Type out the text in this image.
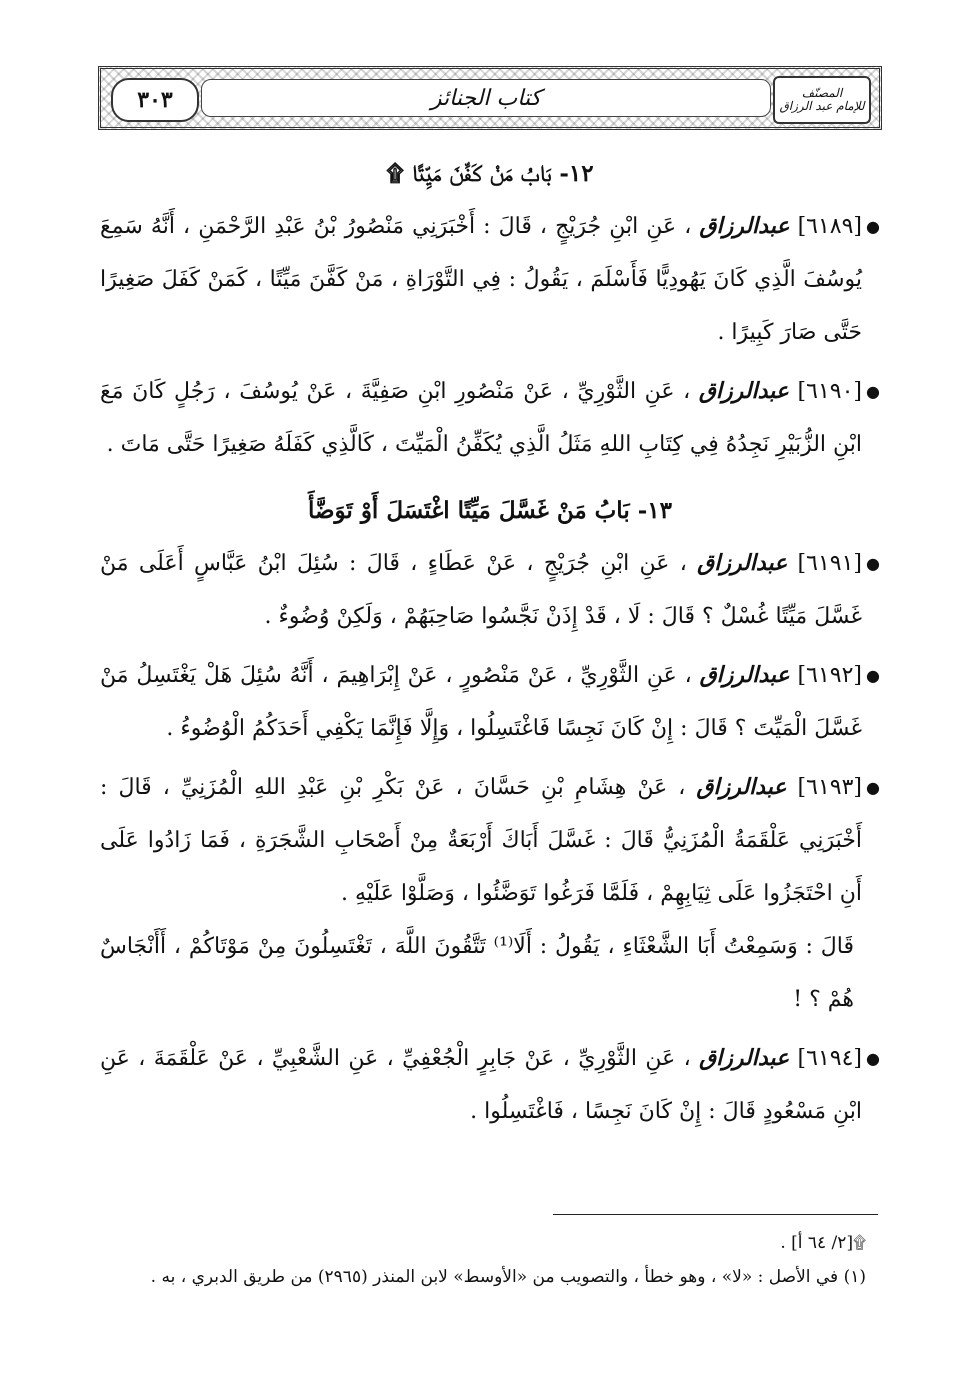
٣٠٣	كتاب الجنائز	المصنّف
للإمام عبد الرزاق

١٢- بَابُ مَنْ كَفَّنَ مَيِّتًا ۩

●
[٦١٨٩] عبدالرزاق ، عَنِ ابْنِ جُرَيْجٍ ، قَالَ : أَخْبَرَنِي مَنْصُورُ بْنُ عَبْدِ الرَّحْمَنِ ، أَنَّهُ سَمِعَ يُوسُفَ الَّذِي كَانَ يَهُودِيًّا فَأَسْلَمَ ، يَقُولُ : فِي التَّوْرَاةِ ، مَنْ كَفَّنَ مَيِّتًا ، كَمَنْ كَفَلَ صَغِيرًا حَتَّى صَارَ كَبِيرًا .

●
[٦١٩٠] عبدالرزاق ، عَنِ الثَّوْرِيِّ ، عَنْ مَنْصُورِ ابْنِ صَفِيَّةَ ، عَنْ يُوسُفَ ، رَجُلٍ كَانَ مَعَ ابْنِ الزُّبَيْرِ نَجِدُهُ فِي كِتَابِ اللهِ مَثَلُ الَّذِي يُكَفِّنُ الْمَيِّتَ ، كَالَّذِي كَفَلَهُ صَغِيرًا حَتَّى مَاتَ .

١٣- بَابُ مَنْ غَسَّلَ مَيِّتًا اغْتَسَلَ أَوْ تَوَضَّأَ

●
[٦١٩١] عبدالرزاق ، عَنِ ابْنِ جُرَيْجٍ ، عَنْ عَطَاءٍ ، قَالَ : سُئِلَ ابْنُ عَبَّاسٍ أَعَلَى مَنْ غَسَّلَ مَيِّتًا غُسْلٌ ؟ قَالَ : لَا ، قَدْ إِذَنْ نَجَّسُوا صَاحِبَهُمْ ، وَلَكِنْ وُضُوءٌ .

●
[٦١٩٢] عبدالرزاق ، عَنِ الثَّوْرِيِّ ، عَنْ مَنْصُورٍ ، عَنْ إِبْرَاهِيمَ ، أَنَّهُ سُئِلَ هَلْ يَغْتَسِلُ مَنْ غَسَّلَ الْمَيِّتَ ؟ قَالَ : إِنْ كَانَ نَجِسًا فَاغْتَسِلُوا ، وَإِلَّا فَإِنَّمَا يَكْفِي أَحَدَكُمُ الْوُضُوءُ .

●
[٦١٩٣] عبدالرزاق ، عَنْ هِشَامِ بْنِ حَسَّانَ ، عَنْ بَكْرِ بْنِ عَبْدِ اللهِ الْمُزَنِيِّ ، قَالَ : أَخْبَرَنِي عَلْقَمَةُ الْمُزَنِيُّ قَالَ : غَسَّلَ أَبَاكَ أَرْبَعَةٌ مِنْ أَصْحَابِ الشَّجَرَةِ ، فَمَا زَادُوا عَلَى أَنِ احْتَجَزُوا عَلَى ثِيَابِهِمْ ، فَلَمَّا فَرَغُوا تَوَضَّئُوا ، وَصَلَّوْا عَلَيْهِ .

قَالَ : وَسَمِعْتُ أَبَا الشَّعْثَاءِ ، يَقُولُ : أَلَا⁽¹⁾ تَتَّقُونَ اللَّهَ ، تَغْتَسِلُونَ مِنْ مَوْتَاكُمْ ، أَأَنْجَاسٌ هُمْ ؟ !

●
[٦١٩٤] عبدالرزاق ، عَنِ الثَّوْرِيِّ ، عَنْ جَابِرٍ الْجُعْفِيِّ ، عَنِ الشَّعْبِيِّ ، عَنْ عَلْقَمَةَ ، عَنِ ابْنِ مَسْعُودٍ قَالَ : إِنْ كَانَ نَجِسًا ، فَاغْتَسِلُوا .

۩[٢/ ٦٤ أ] .

(١) في الأصل : «لا» ، وهو خطأ ، والتصويب من «الأوسط» لابن المنذر (٢٩٦٥) من طريق الدبري ، به .
